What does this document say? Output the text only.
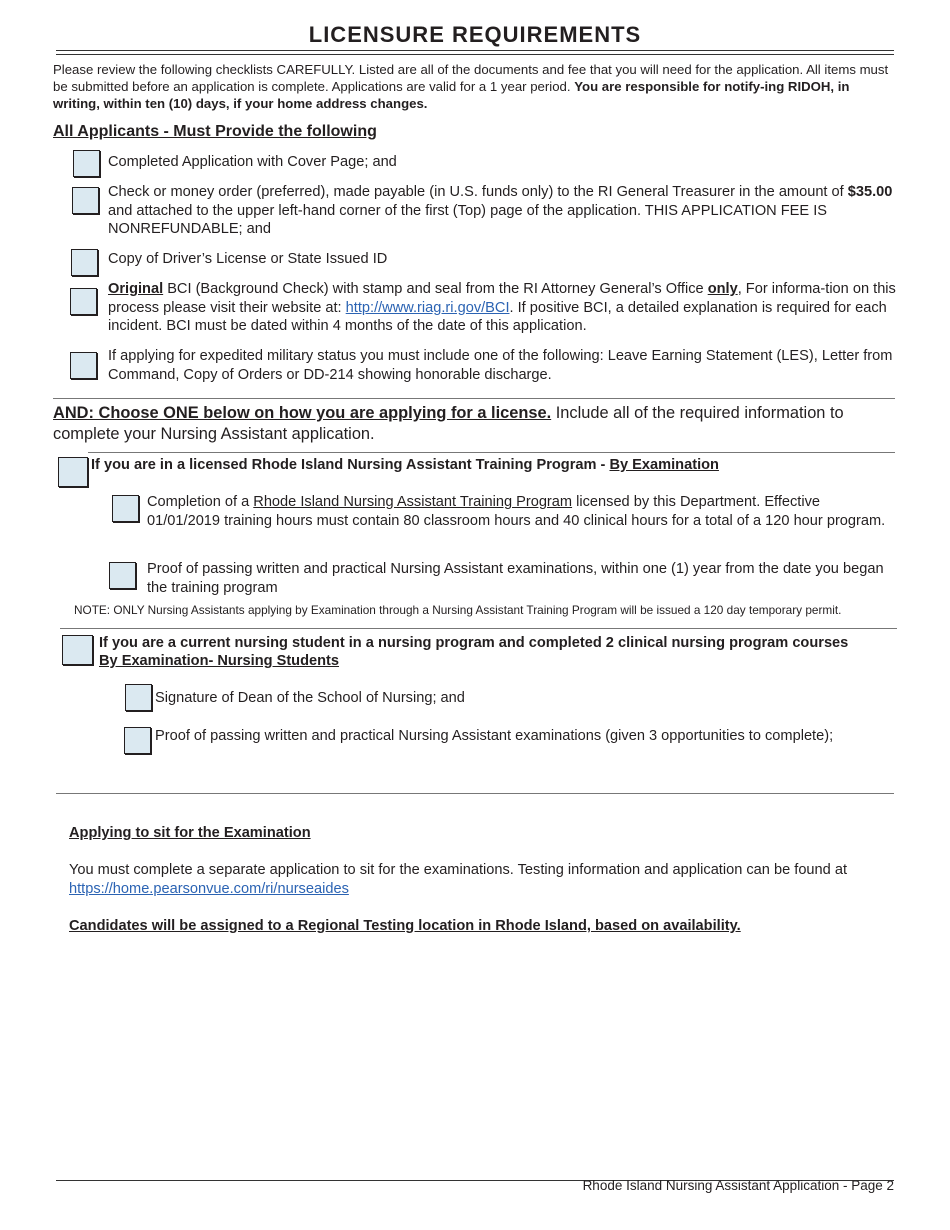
LICENSURE REQUIREMENTS
Please review the following checklists CAREFULLY. Listed are all of the documents and fee that you will need for the application. All items must be submitted before an application is complete. Applications are valid for a 1 year period. You are responsible for notify-ing RIDOH, in writing, within ten (10) days, if your home address changes.
All Applicants - Must Provide the following
Completed Application with Cover Page; and
Check or money order (preferred), made payable (in U.S. funds only) to the RI General Treasurer in the amount of $35.00 and attached to the upper left-hand corner of the first (Top) page of the application. THIS APPLICATION FEE IS NONREFUNDABLE; and
Copy of Driver’s License or State Issued ID
Original BCI (Background Check) with stamp and seal from the RI Attorney General’s Office only, For informa-tion on this process please visit their website at: http://www.riag.ri.gov/BCI. If positive BCI, a detailed explanation is required for each incident. BCI must be dated within 4 months of the date of this application.
If applying for expedited military status you must include one of the following: Leave Earning Statement (LES), Letter from Command, Copy of Orders or DD-214 showing honorable discharge.
AND: Choose ONE below on how you are applying for a license. Include all of the required information to complete your Nursing Assistant application.
If you are in a licensed Rhode Island Nursing Assistant Training Program - By Examination
Completion of a Rhode Island Nursing Assistant Training Program licensed by this Department. Effective 01/01/2019 training hours must contain 80 classroom hours and 40 clinical hours for a total of a 120 hour program.
Proof of passing written and practical Nursing Assistant examinations, within one (1) year from the date you began the training program
NOTE: ONLY Nursing Assistants applying by Examination through a Nursing Assistant Training Program will be issued a 120 day temporary permit.
If you are a current nursing student in a nursing program and completed 2 clinical nursing program courses
By Examination- Nursing Students
Signature of Dean of the School of Nursing; and
Proof of passing written and practical Nursing Assistant examinations (given 3 opportunities to complete);
Applying to sit for the Examination
You must complete a separate application to sit for the examinations. Testing information and application can be found at https://home.pearsonvue.com/ri/nurseaides
Candidates will be assigned to a Regional Testing location in Rhode Island, based on availability.
Rhode Island Nursing Assistant Application - Page 2
